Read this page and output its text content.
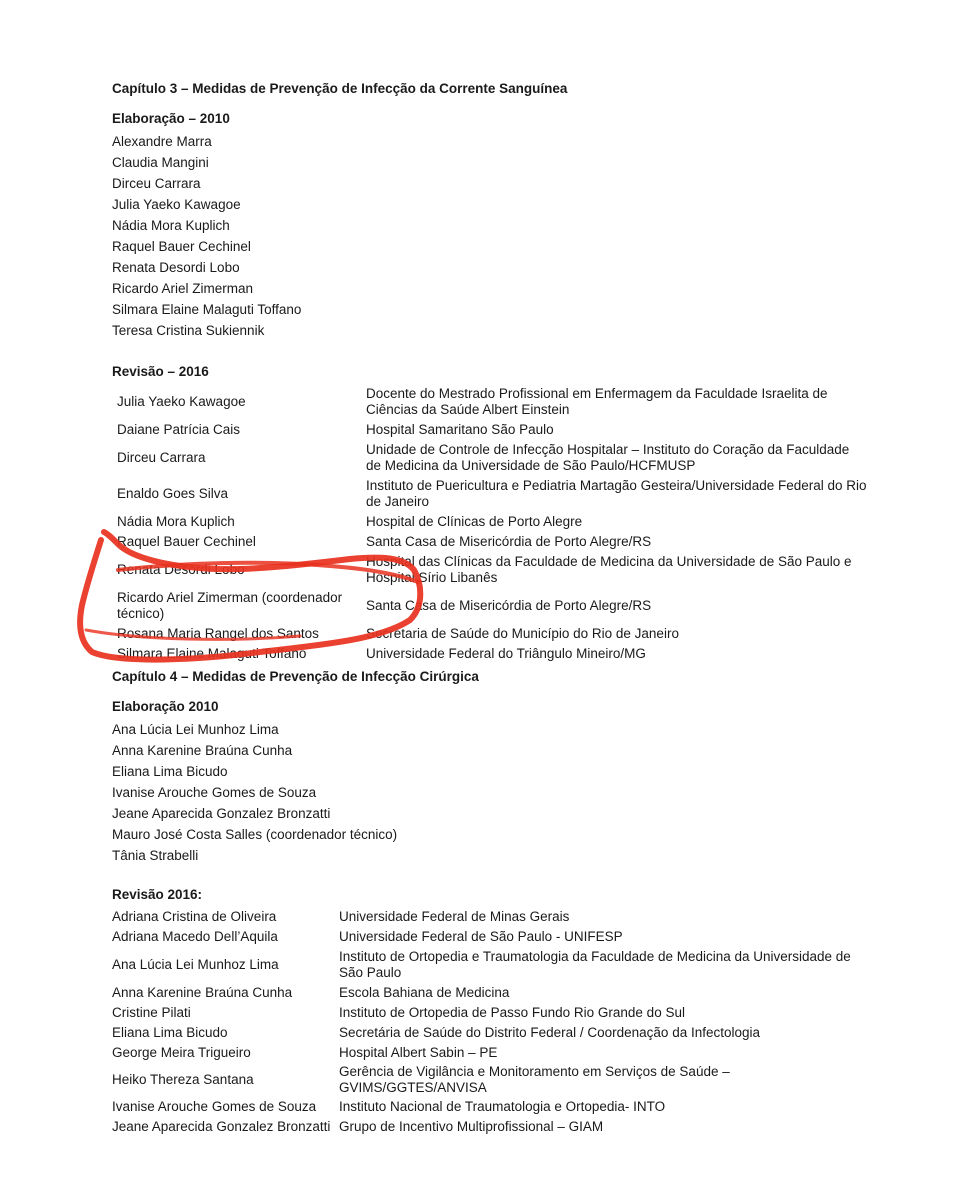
Capítulo 3 – Medidas de Prevenção de Infecção da Corrente Sanguínea
Elaboração – 2010
Alexandre Marra
Claudia Mangini
Dirceu Carrara
Julia Yaeko Kawagoe
Nádia Mora Kuplich
Raquel Bauer Cechinel
Renata Desordi Lobo
Ricardo Ariel Zimerman
Silmara Elaine Malaguti Toffano
Teresa Cristina Sukiennik
Revisão – 2016
Julia Yaeko Kawagoe	Docente do Mestrado Profissional em Enfermagem da Faculdade Israelita de Ciências da Saúde Albert Einstein
Daiane Patrícia Cais	Hospital Samaritano São Paulo
Dirceu Carrara	Unidade de Controle de Infecção Hospitalar – Instituto do Coração da Faculdade de Medicina da Universidade de São Paulo/HCFMUSP
Enaldo Goes Silva	Instituto de Puericultura e Pediatria Martagão Gesteira/Universidade Federal do Rio de Janeiro
Nádia Mora Kuplich	Hospital de Clínicas de Porto Alegre
Raquel Bauer Cechinel	Santa Casa de Misericórdia de Porto Alegre/RS
Renata Desordi Lobo	Hospital das Clínicas da Faculdade de Medicina da Universidade de São Paulo e Hospital Sírio Libanês
Ricardo Ariel Zimerman (coordenador técnico)	Santa Casa de Misericórdia de Porto Alegre/RS
Rosana Maria Rangel dos Santos	Secretaria de Saúde do Município do Rio de Janeiro
Silmara Elaine Malaguti Toffano	Universidade Federal do Triângulo Mineiro/MG
Capítulo 4 – Medidas de Prevenção de Infecção Cirúrgica
Elaboração 2010
Ana Lúcia Lei Munhoz Lima
Anna Karenine Braúna Cunha
Eliana Lima Bicudo
Ivanise Arouche Gomes de Souza
Jeane Aparecida Gonzalez Bronzatti
Mauro José Costa Salles (coordenador técnico)
Tânia Strabelli
Revisão 2016:
Adriana Cristina de Oliveira	Universidade Federal de Minas Gerais
Adriana Macedo Dell’Aquila	Universidade Federal de São Paulo - UNIFESP
Ana Lúcia Lei Munhoz Lima	Instituto de Ortopedia e Traumatologia da Faculdade de Medicina da Universidade de São Paulo
Anna Karenine Braúna Cunha	Escola Bahiana de Medicina
Cristine Pilati	Instituto de Ortopedia de Passo Fundo Rio Grande do Sul
Eliana Lima Bicudo	Secretária de Saúde do Distrito Federal / Coordenação da Infectologia
George Meira Trigueiro	Hospital Albert Sabin – PE
Heiko Thereza Santana	Gerência de Vigilância e Monitoramento em Serviços de Saúde – GVIMS/GGTES/ANVISA
Ivanise Arouche Gomes de Souza	Instituto Nacional de Traumatologia e Ortopedia- INTO
Jeane Aparecida Gonzalez Bronzatti	Grupo de Incentivo Multiprofissional – GIAM
